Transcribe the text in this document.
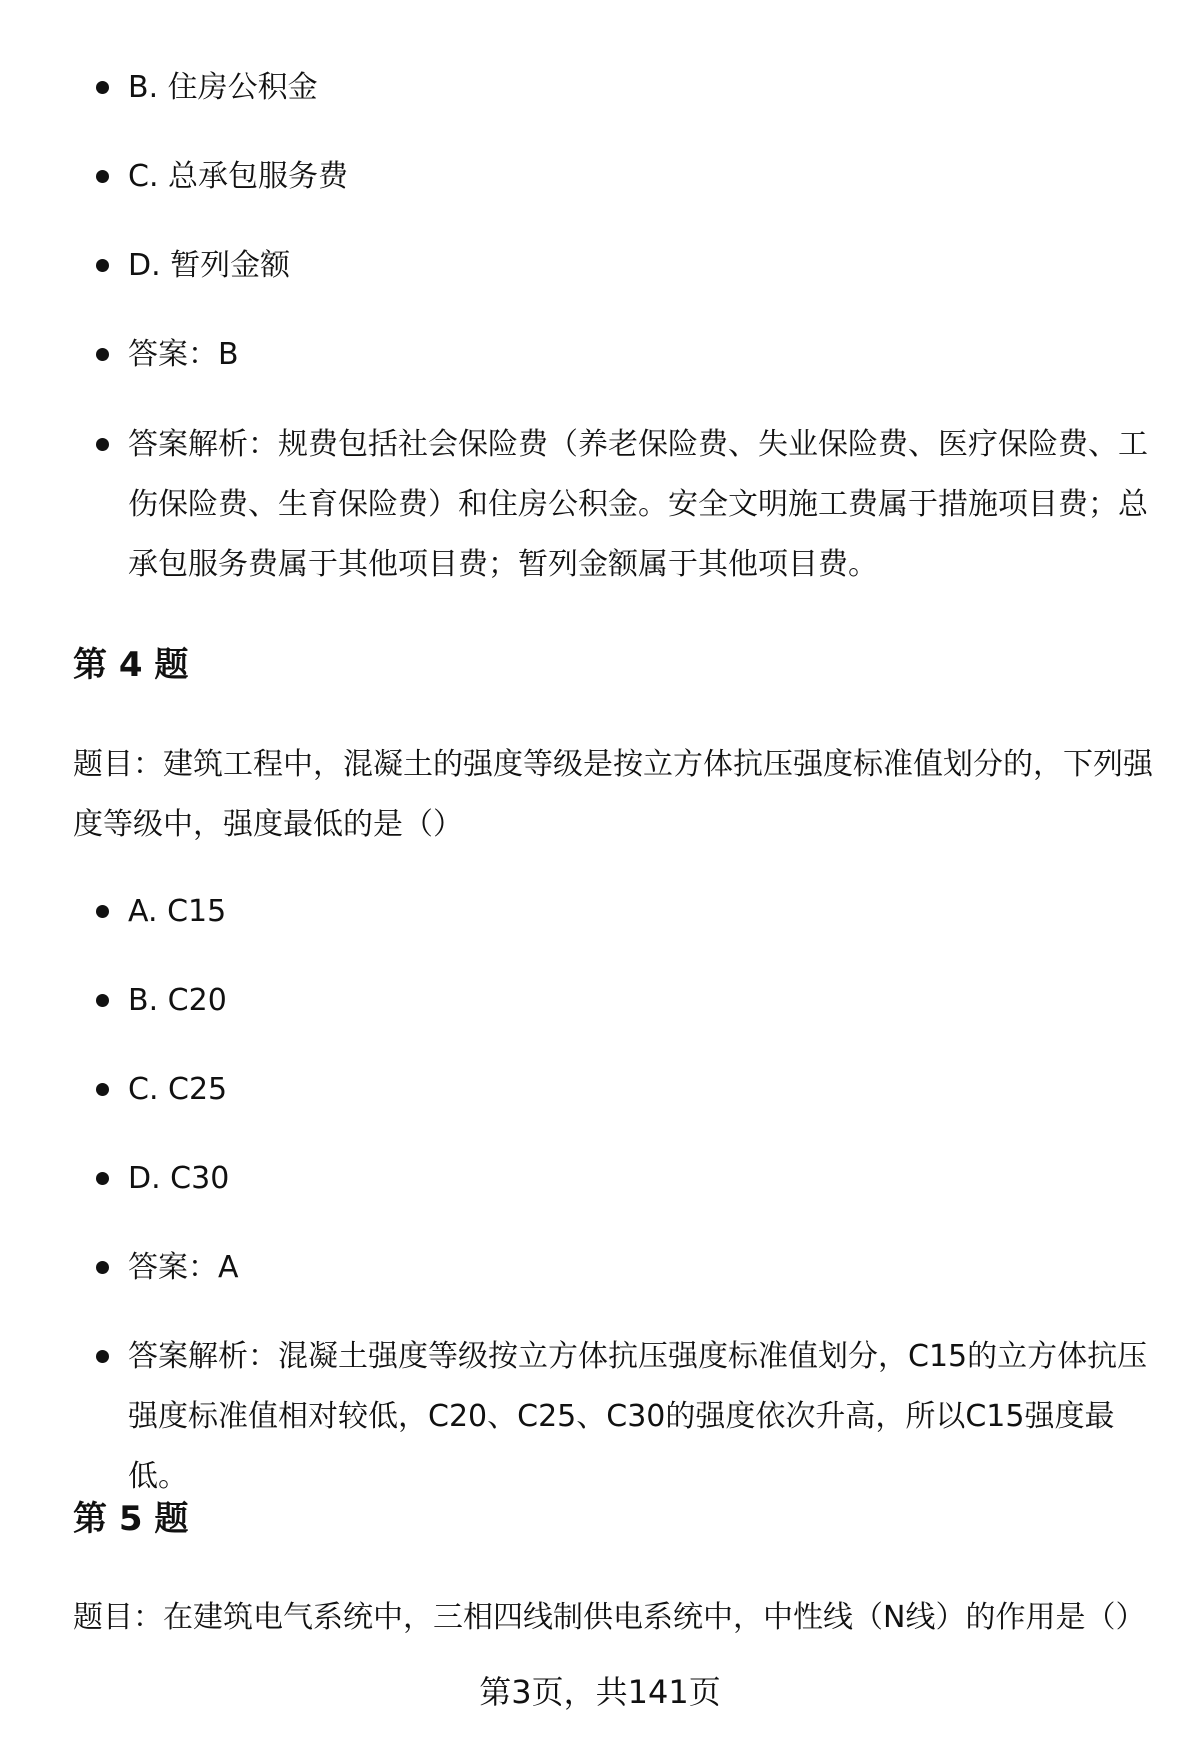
B. 住房公积金
C. 总承包服务费
D. 暂列金额
答案：B
答案解析：规费包括社会保险费（养老保险费、失业保险费、医疗保险费、工伤保险费、生育保险费）和住房公积金。安全文明施工费属于措施项目费；总承包服务费属于其他项目费；暂列金额属于其他项目费。
第 4 题

题目：建筑工程中，混凝土的强度等级是按立方体抗压强度标准值划分的，下列强度等级中，强度最低的是（）

A. C15
B. C20
C. C25
D. C30
答案：A
答案解析：混凝土强度等级按立方体抗压强度标准值划分，C15的立方体抗压强度标准值相对较低，C20、C25、C30的强度依次升高，所以C15强度最低。
第 5 题

题目：在建筑电气系统中，三相四线制供电系统中，中性线（N线）的作用是（）

第3页，共141页
